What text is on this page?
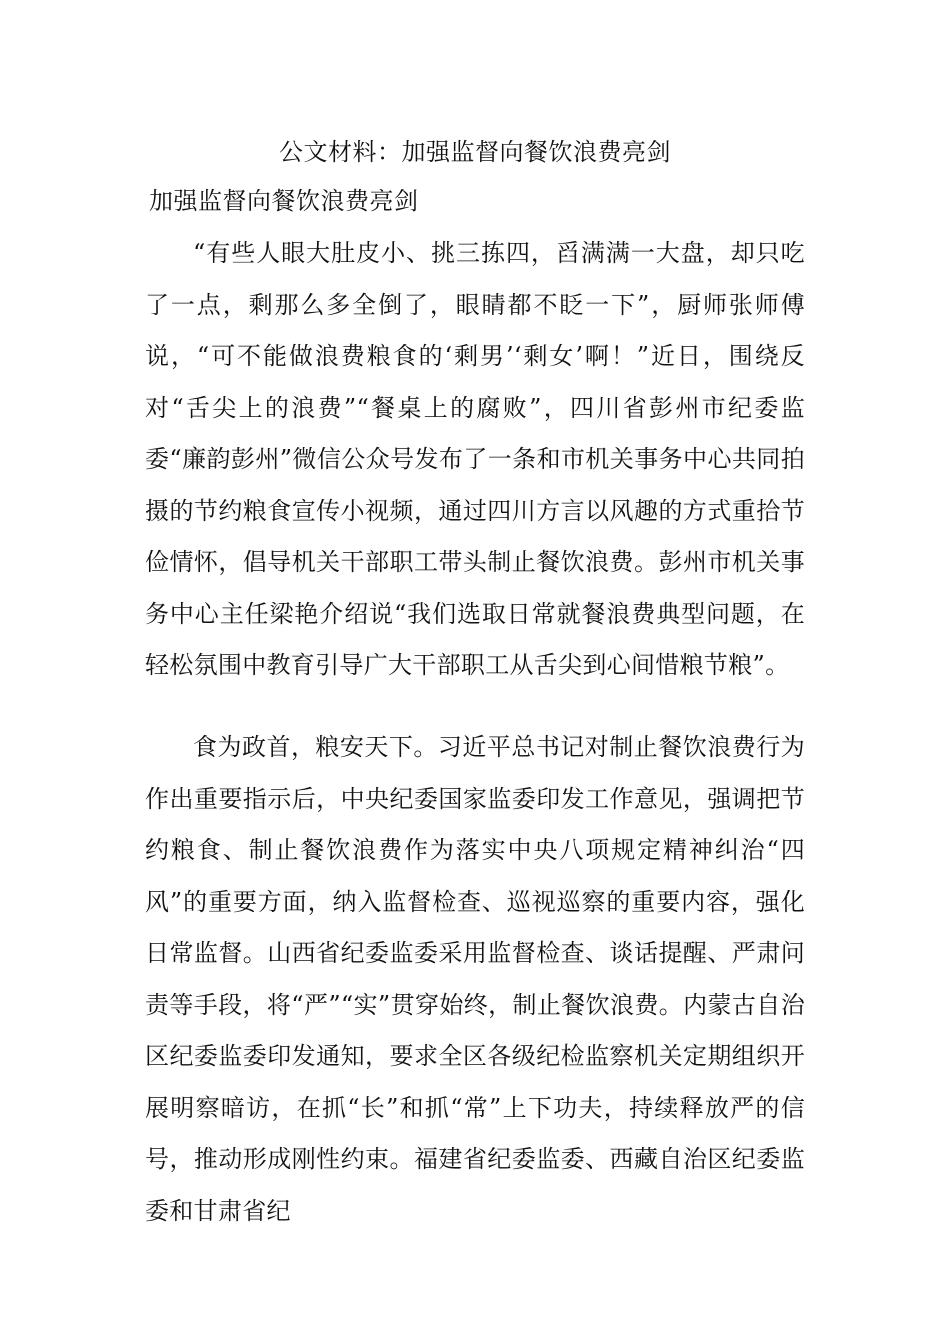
公文材料：加强监督向餐饮浪费亮剑
加强监督向餐饮浪费亮剑

“有些人眼大肚皮小、挑三拣四，舀满满一大盘，却只吃了一点，剩那么多全倒了，眼睛都不眨一下”，厨师张师傅说，“可不能做浪费粮食的‘剩男’‘剩女’啊！”近日，围绕反对“舌尖上的浪费”“餐桌上的腐败”，四川省彭州市纪委监委“廉韵彭州”微信公众号发布了一条和市机关事务中心共同拍摄的节约粮食宣传小视频，通过四川方言以风趣的方式重拾节俭情怀，倡导机关干部职工带头制止餐饮浪费。彭州市机关事务中心主任梁艳介绍说“我们选取日常就餐浪费典型问题，在轻松氛围中教育引导广大干部职工从舌尖到心间惜粮节粮”。

食为政首，粮安天下。习近平总书记对制止餐饮浪费行为作出重要指示后，中央纪委国家监委印发工作意见，强调把节约粮食、制止餐饮浪费作为落实中央八项规定精神纠治“四风”的重要方面，纳入监督检查、巡视巡察的重要内容，强化日常监督。山西省纪委监委采用监督检查、谈话提醒、严肃问责等手段，将“严”“实”贯穿始终，制止餐饮浪费。内蒙古自治区纪委监委印发通知，要求全区各级纪检监察机关定期组织开展明察暗访，在抓“长”和抓“常”上下功夫，持续释放严的信号，推动形成刚性约束。福建省纪委监委、西藏自治区纪委监委和甘肃省纪
